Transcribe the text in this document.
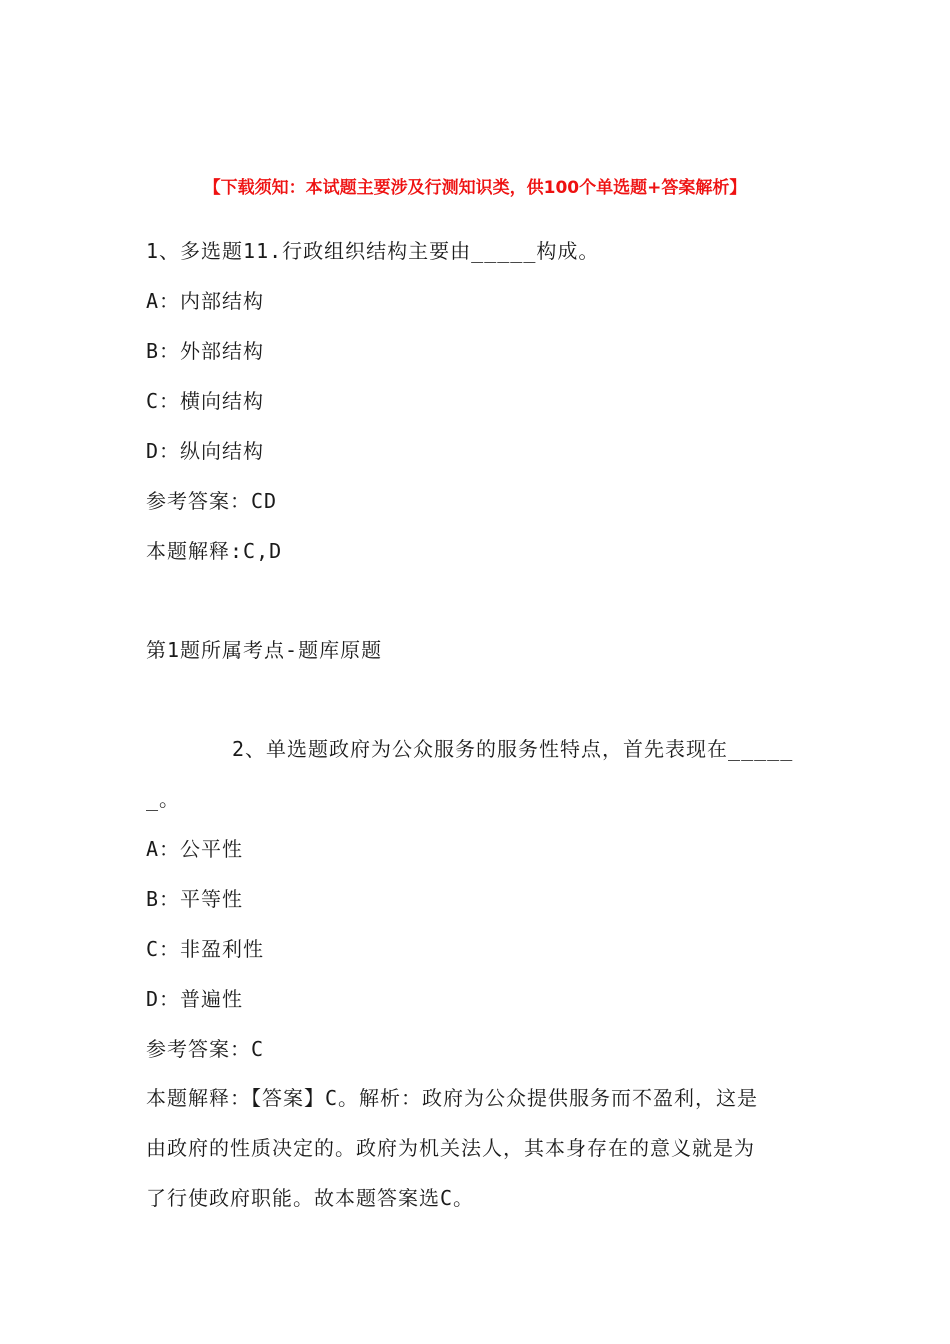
【下载须知：本试题主要涉及行测知识类，供100个单选题+答案解析】
1、多选题11.行政组织结构主要由_____构成。
A：内部结构
B：外部结构
C：横向结构
D：纵向结构
参考答案：CD
本题解释:C,D
第1题所属考点-题库原题
2、单选题政府为公众服务的服务性特点，首先表现在_____
_。
A：公平性
B：平等性
C：非盈利性
D：普遍性
参考答案：C
本题解释：【答案】C。解析：政府为公众提供服务而不盈利，这是
由政府的性质决定的。政府为机关法人，其本身存在的意义就是为
了行使政府职能。故本题答案选C。
